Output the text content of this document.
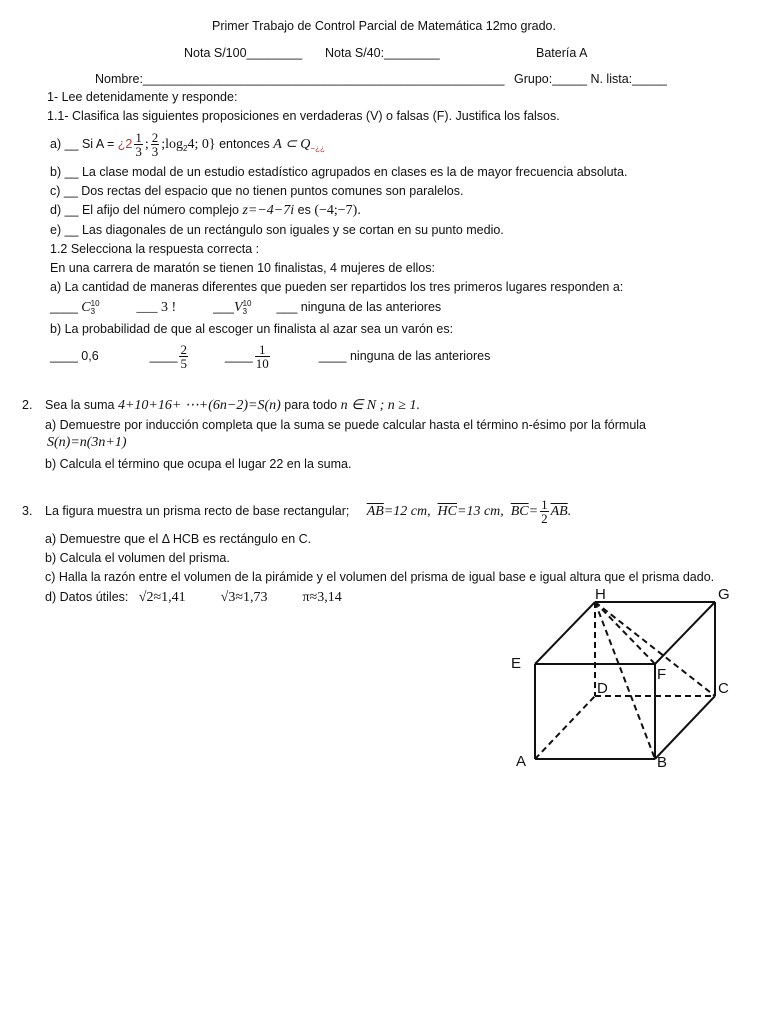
Primer Trabajo de Control Parcial de Matemática 12mo grado.
Nota S/100________ Nota S/40:________	Batería A
Nombre:____________________________________________________ Grupo:_____ N. lista:_____
1- Lee detenidamente y responde:
1.1- Clasifica las siguientes proposiciones en verdaderas (V) o falsas (F). Justifica los falsos.
a) __ Si A = ¿$2 \frac{1}{3}$ ; $\frac{2}{3}$ $;\log_24$; 0} entonces A ⊂ $Q_{-¿¿}$
b) __ La clase modal de un estudio estadístico agrupados en clases es la de mayor frecuencia absoluta.
c) __ Dos rectas del espacio que no tienen puntos comunes son paralelos.
d) __ El afijo del número complejo z=−4−7i es (−4;−7).
e) __ Las diagonales de un rectángulo son iguales y se cortan en su punto medio.
1.2 Selecciona la respuesta correcta :
En una carrera de maratón se tienen 10 finalistas, 4 mujeres de ellos:
a) La cantidad de maneras diferentes que pueden ser repartidos los tres primeros lugares responden a:
____ C 10
3	___ 3 !	___V 10
3	___ ninguna de las anteriores
b) La probabilidad de que al escoger un finalista al azar sea un varón es:
____ 0,6	____ $\frac{2}{5}$	____ $\frac{1}{10}$	____ ninguna de las anteriores
2. Sea la suma 4+10+16+ ⋯+(6n−2)=S(n) para todo n ∈ N ; n ≥ 1.
a) Demuestre por inducción completa que la suma se puede calcular hasta el término n-ésimo por la fórmula
S(n)=n(3n+1)
b) Calcula el término que ocupa el lugar 22 en la suma.
3. La figura muestra un prisma recto de base rectangular; $\overline{AB}=12$ cm, $\overline{HC}=13$ cm, $\overline{BC}= \frac{1}{2} \overline{AB}$.
a) Demuestre que el Δ HCB es rectángulo en C.
b) Calcula el volumen del prisma.
c) Halla la razón entre el volumen de la pirámide y el volumen del prisma de igual base e igual altura que el prisma dado.
d) Datos útiles: √2≈1,41 √3≈1,73 π≈3,14
A	B
C
D
E
F
G
H
